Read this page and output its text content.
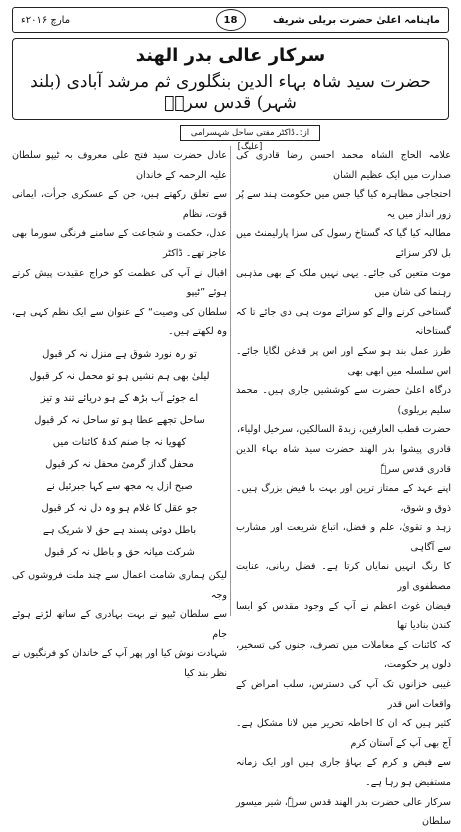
ماہنامہ اعلیٰ حضرت بریلی شریف
18
مارچ ۲۰۱۶ء
سرکار عالی بدر الھند
حضرت سید شاہ بہاء الدین بنگلوری ثم مرشد آبادی (بلند شہر) قدس سرہٗ
از:۔ڈاکٹر مفتی ساحل شہسرامی [علیگ]

علامہ الحاج الشاہ محمد احسن رضا قادری کی صدارت میں ایک عظیم الشان

احتجاجی مظاہرہ کیا گیا جس میں حکومت ہند سے پُر زور انداز میں یہ

مطالبہ کیا گیا کہ گستاخ رسول کی سزا پارلیمنٹ میں بل لاکر سزائے

موت متعین کی جائے۔ یہی نہیں ملک کے بھی مذہبی رہنما کی شان میں

گستاخی کرنے والے کو سزائے موت ہی دی جائے تا کہ گستاخانہ

طرز عمل بند ہو سکے اور اس پر قدغن لگایا جائے۔ اس سلسلہ میں ابھی بھی

درگاہ اعلیٰ حضرت سے کوششیں جاری ہیں۔ محمد سلیم بریلوی)

حضرت قطب العارفین، زبدۃ السالکین، سرخیل اولیاء،

قادری پیشوا بدر الھند حضرت سید شاہ بہاء الدین قادری قدس سرہٗ

اپنے عہد کے ممتاز ترین اور بہت با فیض بزرگ ہیں۔ ذوق و شوق،

زہد و تقویٰ، علم و فضل، اتباع شریعت اور مشارب سے آگاہی

کا رنگ انہیں نمایاں کرتا ہے۔ فضل ربانی، عنایت مصطفوی اور

فیضان غوث اعظم نے آپ کے وجود مقدس کو ایسا کندن بنادیا تھا

کہ کائنات کے معاملات میں تصرف، جنوں کی تسخیر، دلوں پر حکومت،

غیبی خزانوں تک آپ کی دسترس، سلب امراض کے واقعات اس قدر

کثیر ہیں کہ ان کا احاطہ تحریر میں لانا مشکل ہے۔ آج بھی آپ کے آستان کرم

سے فیض و کرم کے بہاؤ جاری ہیں اور ایک زمانہ مستفیض ہو رہا ہے۔

سرکار عالی حضرت بدر الھند قدس سرہٗ، شیر میسور سلطان

عادل حضرت سید فتح علی معروف بہ ٹیپو سلطان علیہ الرحمہ کے خاندان

سے تعلق رکھتے ہیں، جن کے عسکری جرأت، ایمانی قوت، نظام

عدل، حکمت و شجاعت کے سامنے فرنگی سورما بھی عاجز تھے۔ ڈاکٹر

اقبال نے آپ کی عظمت کو خراج عقیدت پیش کرتے ہوئے ”ٹیپو

سلطان کی وصیت“ کے عنوان سے ایک نظم کہی ہے، وہ لکھتے ہیں۔

تو رہ نورد شوق ہے منزل نہ کر قبول
لیلیٰ بھی ہم نشیں ہو تو محمل نہ کر قبول
اے جوئے آب بڑھ کے ہو دریائے تند و تیز
ساحل تجھے عطا ہو تو ساحل نہ کر قبول
کھویا نہ جا صنم کدۂ کائنات میں
محفل گداز گرمیٔ محفل نہ کر قبول
صبح ازل یہ مجھ سے کہا جبرئیل نے
جو عقل کا غلام ہو وہ دل نہ کر قبول
باطل دوئی پسند ہے حق لا شریک ہے
شرکت میانہ حق و باطل نہ کر قبول

لیکن ہماری شامت اعمال سے چند ملت فروشوں کی وجہ

سے سلطان ٹیپو نے بہت بہادری کے ساتھ لڑتے ہوئے جام

شہادت نوش کیا اور پھر آپ کے خاندان کو فرنگیوں نے نظر بند کیا
